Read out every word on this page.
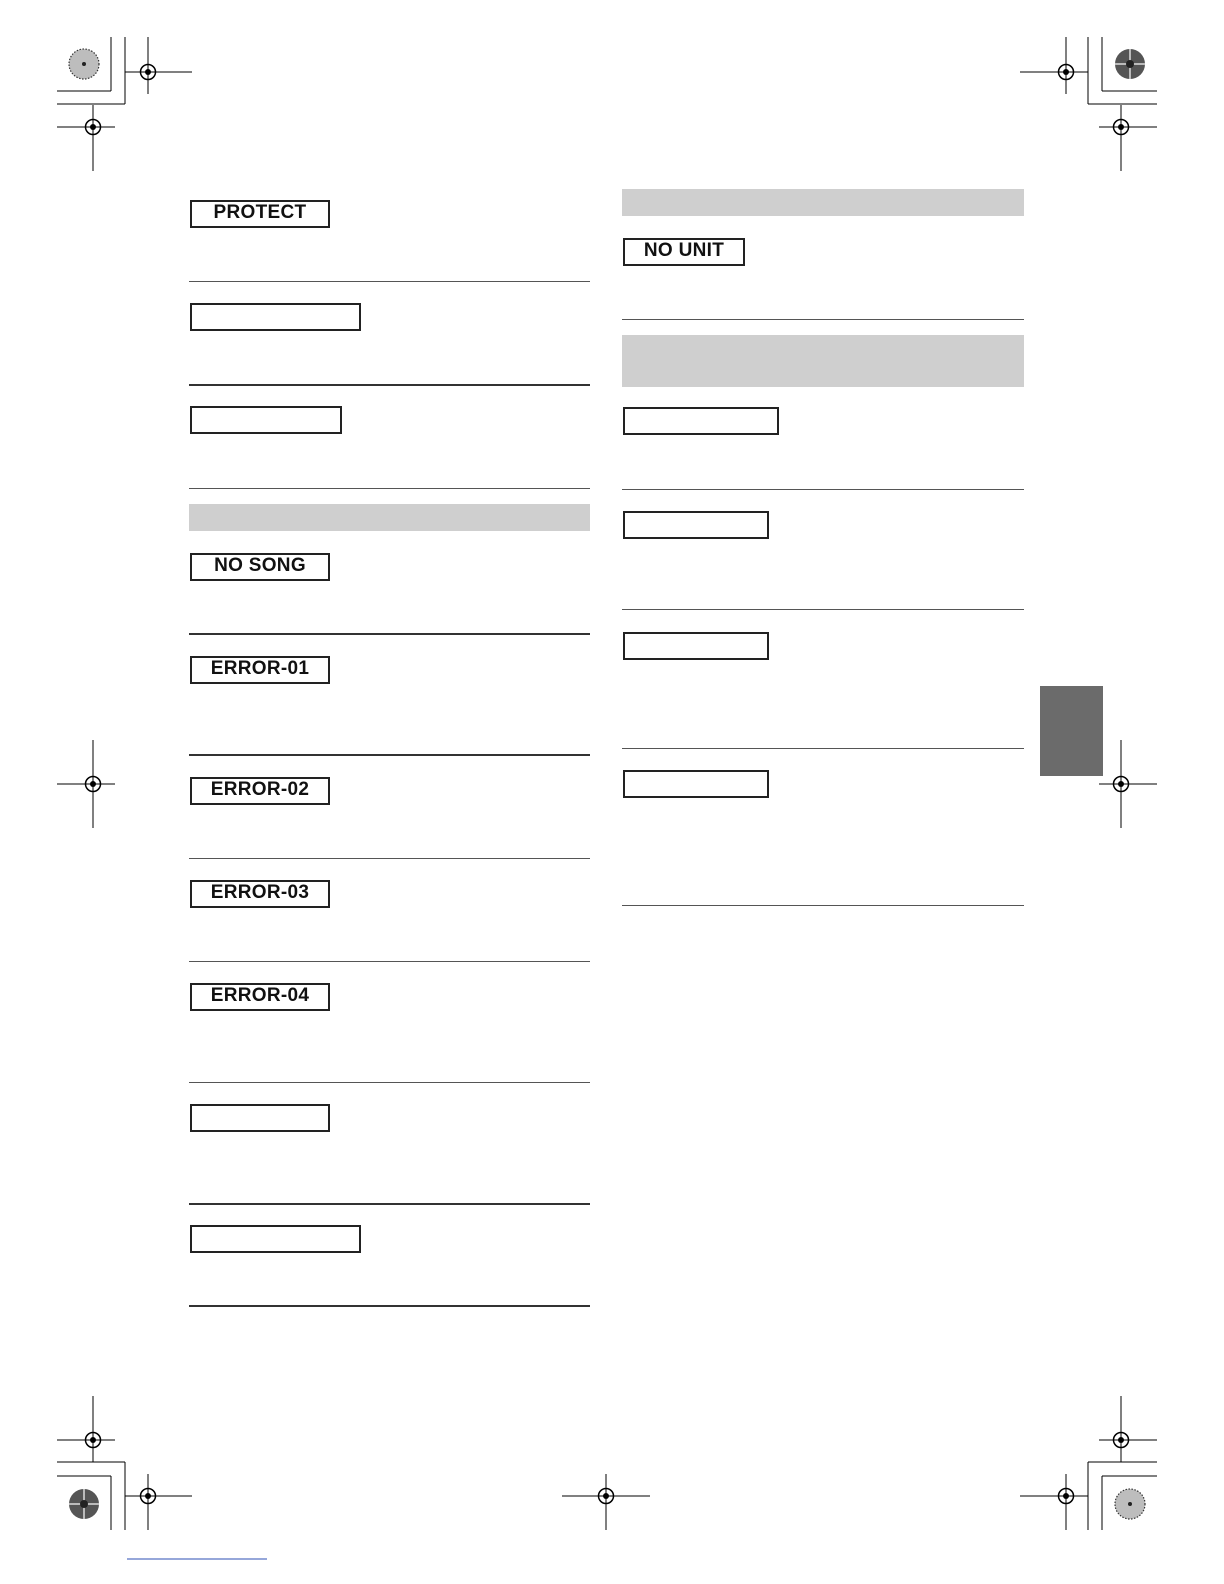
PROTECT
NO SONG
ERROR-01
ERROR-02
ERROR-03
ERROR-04
NO UNIT
